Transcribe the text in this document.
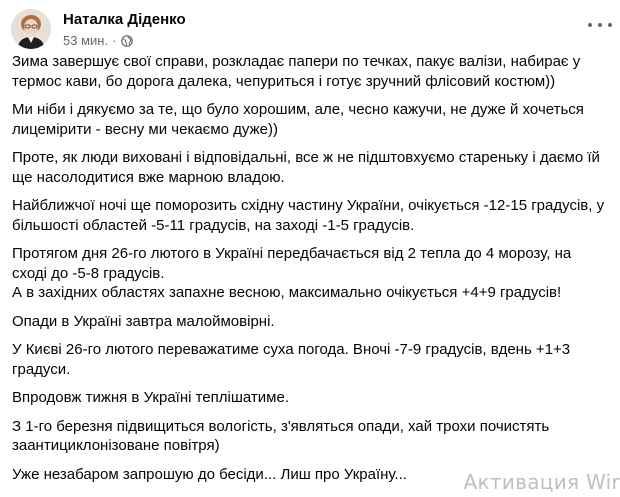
Наталка Діденко
53 мин. ·

Зима завершує свої справи, розкладає папери по течках, пакує валізи, набирає у термос кави, бо дорога далека, чепуриться і готує зручний флісовий костюм))

Ми ніби і дякуємо за те, що було хорошим, але, чесно кажучи, не дуже й хочеться лицемірити - весну ми чекаємо дуже))

Проте, як люди виховані і відповідальні, все ж не підштовхуємо старенькy і даємо їй ще насолодитися вже марною владою.

Найближчої ночі ще поморозить східну частину України, очікується -12-15 градусів, у більшості областей -5-11 градусів, на заході -1-5 градусів.

Протягом дня 26-го лютого в Україні передбачається від 2 тепла до 4 морозу, на сході до -5-8 градусів.

А в західних областях запахне весною, максимально очікується +4+9 градусів!

Опади в Україні завтра малоймовірні.

У Києві 26-го лютого переважатиме суха погода. Вночі -7-9 градусів, вдень +1+3 градуси.

Впродовж тижня в Україні теплішатиме.

З 1-го березня підвищиться вологість, з'являться опади, хай трохи почистять заантициклонізоване повітря)

Уже незабаром запрошую дo бесіди... Лиш про Україну...	Активация Wir
